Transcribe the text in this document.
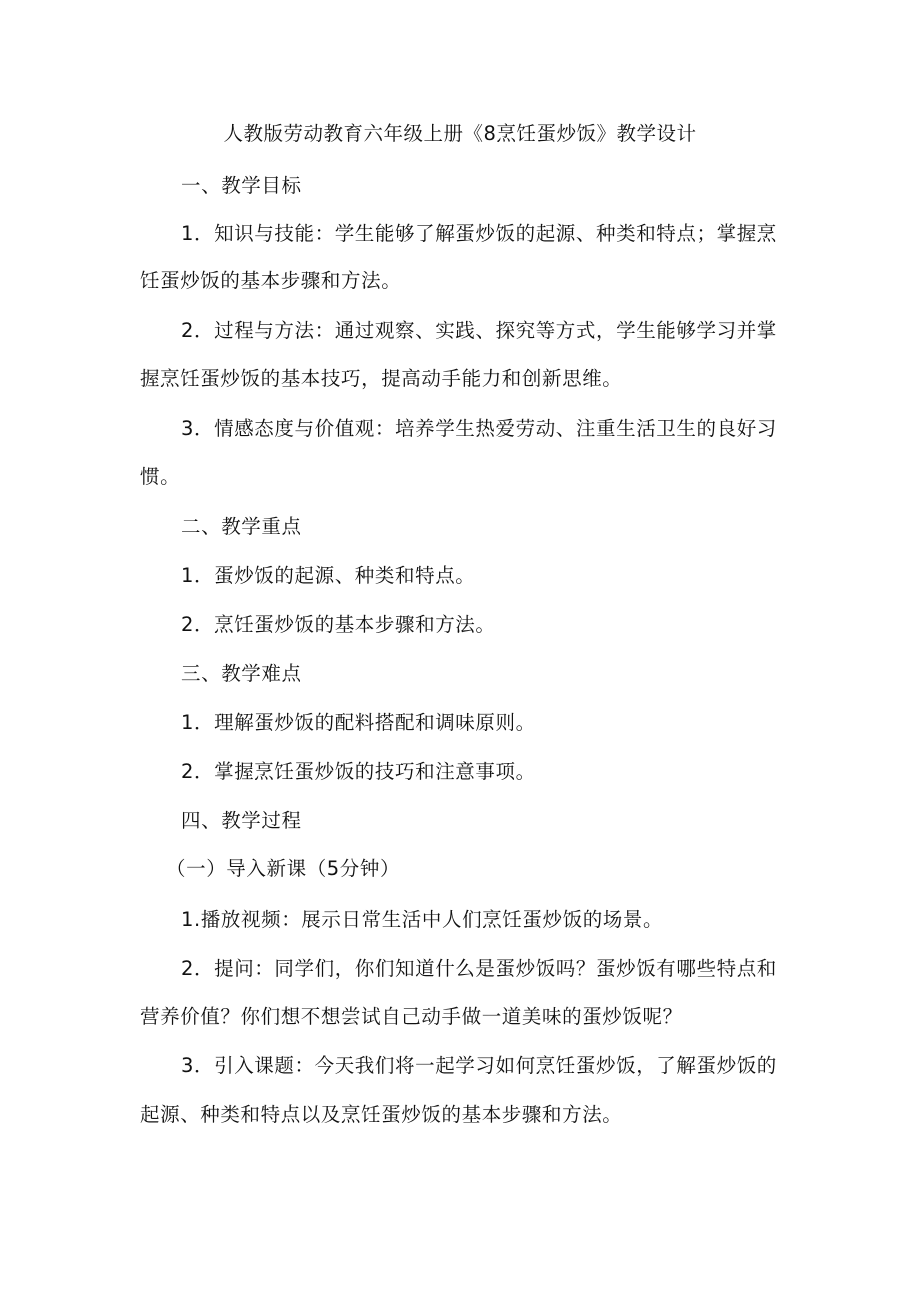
人教版劳动教育六年级上册《8烹饪蛋炒饭》教学设计
一、教学目标
1．知识与技能：学生能够了解蛋炒饭的起源、种类和特点；掌握烹
饪蛋炒饭的基本步骤和方法。
2．过程与方法：通过观察、实践、探究等方式，学生能够学习并掌
握烹饪蛋炒饭的基本技巧，提高动手能力和创新思维。
3．情感态度与价值观：培养学生热爱劳动、注重生活卫生的良好习
惯。
二、教学重点
1．蛋炒饭的起源、种类和特点。
2．烹饪蛋炒饭的基本步骤和方法。
三、教学难点
1．理解蛋炒饭的配料搭配和调味原则。
2．掌握烹饪蛋炒饭的技巧和注意事项。
四、教学过程
（一）导入新课（5分钟）
1.播放视频：展示日常生活中人们烹饪蛋炒饭的场景。
2．提问：同学们，你们知道什么是蛋炒饭吗？蛋炒饭有哪些特点和
营养价值？你们想不想尝试自己动手做一道美味的蛋炒饭呢？
3．引入课题：今天我们将一起学习如何烹饪蛋炒饭，了解蛋炒饭的
起源、种类和特点以及烹饪蛋炒饭的基本步骤和方法。
